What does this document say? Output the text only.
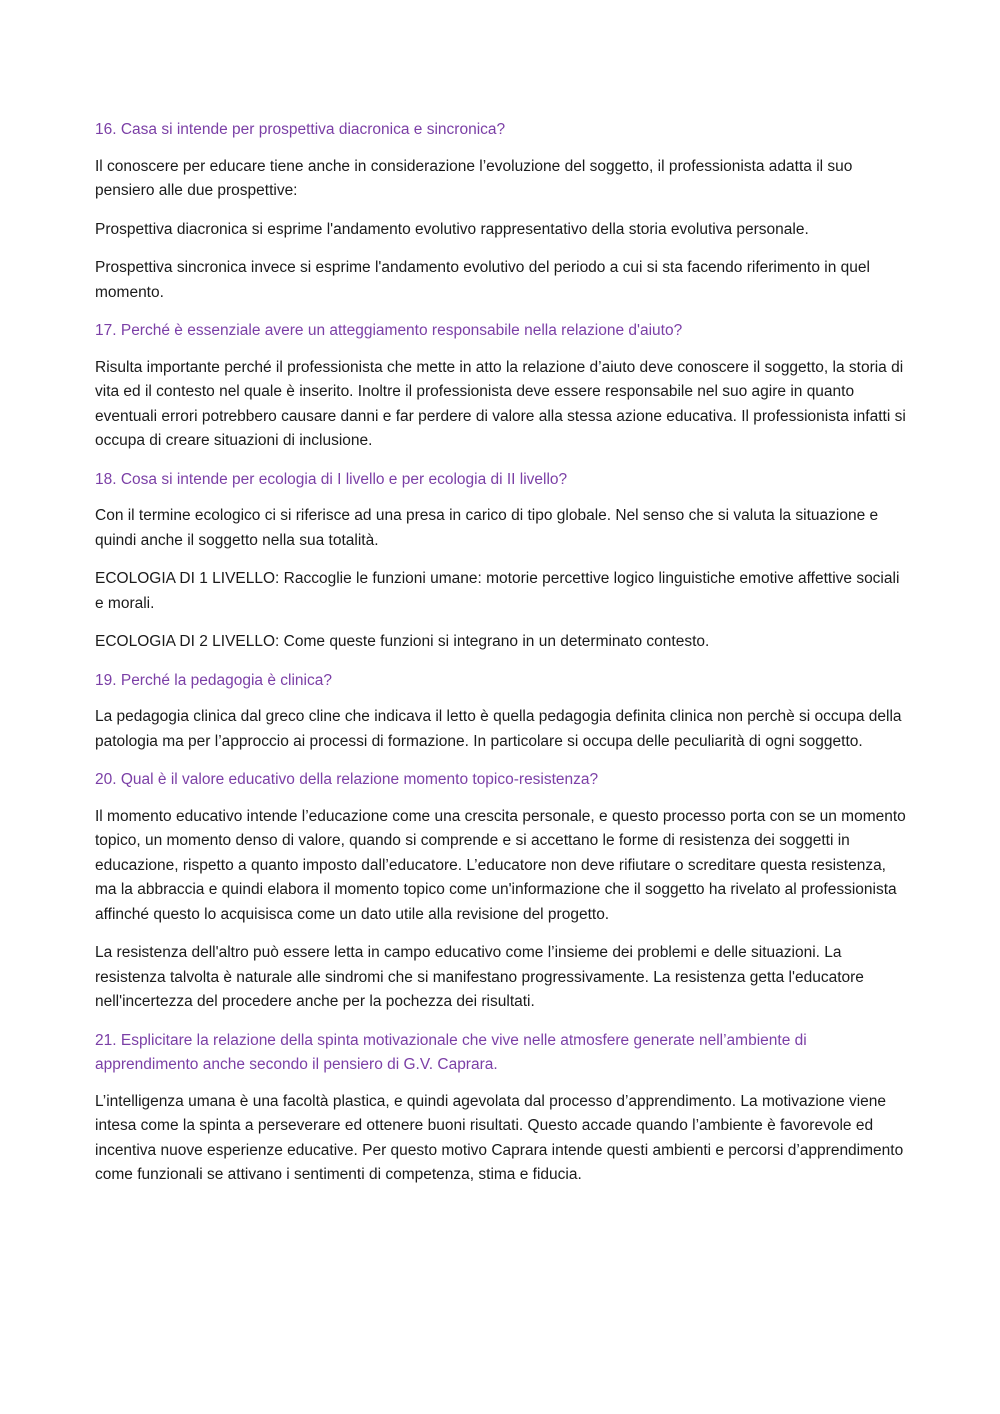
16. Casa si intende per prospettiva diacronica e sincronica?
Il conoscere per educare tiene anche in considerazione l’evoluzione del soggetto, il professionista adatta il suo pensiero alle due prospettive:
Prospettiva diacronica si esprime l'andamento evolutivo rappresentativo della storia evolutiva personale.
Prospettiva sincronica invece si esprime l'andamento evolutivo del periodo a cui si sta facendo riferimento in quel momento.
17. Perché è essenziale avere un atteggiamento responsabile nella relazione d'aiuto?
Risulta importante perché il professionista che mette in atto la relazione d’aiuto deve conoscere il soggetto, la storia di vita ed il contesto nel quale è inserito. Inoltre il professionista deve essere responsabile nel suo agire in quanto eventuali errori potrebbero causare danni e far perdere di valore alla stessa azione educativa. Il professionista infatti si occupa di creare situazioni di inclusione.
18. Cosa si intende per ecologia di I livello e per ecologia di II livello?
Con il termine ecologico ci si riferisce ad una presa in carico di tipo globale. Nel senso che si valuta la situazione e quindi anche il soggetto nella sua totalità.
ECOLOGIA DI 1 LIVELLO: Raccoglie le funzioni umane: motorie percettive logico linguistiche emotive affettive sociali e morali.
ECOLOGIA DI 2 LIVELLO: Come queste funzioni si integrano in un determinato contesto.
19. Perché la pedagogia è clinica?
La pedagogia clinica dal greco cline che indicava il letto è quella pedagogia definita clinica non perchè si occupa della patologia ma per l’approccio ai processi di formazione. In particolare si occupa delle peculiarità di ogni soggetto.
20. Qual è il valore educativo della relazione momento topico-resistenza?
Il momento educativo intende l’educazione come una crescita personale, e questo processo porta con se un momento topico, un momento denso di valore, quando si comprende e si accettano le forme di resistenza dei soggetti in educazione, rispetto a quanto imposto dall’educatore. L’educatore non deve rifiutare o screditare questa resistenza, ma la abbraccia e quindi elabora il momento topico come un'informazione che il soggetto ha rivelato al professionista affinché questo lo acquisisca come un dato utile alla revisione del progetto.
La resistenza dell'altro può essere letta in campo educativo come l’insieme dei problemi e delle situazioni. La resistenza talvolta è naturale alle sindromi che si manifestano progressivamente. La resistenza getta l'educatore nell'incertezza del procedere anche per la pochezza dei risultati.
21. Esplicitare la relazione della spinta motivazionale che vive nelle atmosfere generate nell’ambiente di apprendimento anche secondo il pensiero di G.V. Caprara.
L’intelligenza umana è una facoltà plastica, e quindi agevolata dal processo d’apprendimento. La motivazione viene intesa come la spinta a perseverare ed ottenere buoni risultati. Questo accade quando l’ambiente è favorevole ed incentiva nuove esperienze educative. Per questo motivo Caprara intende questi ambienti e percorsi d’apprendimento come funzionali se attivano i sentimenti di competenza, stima e fiducia.
